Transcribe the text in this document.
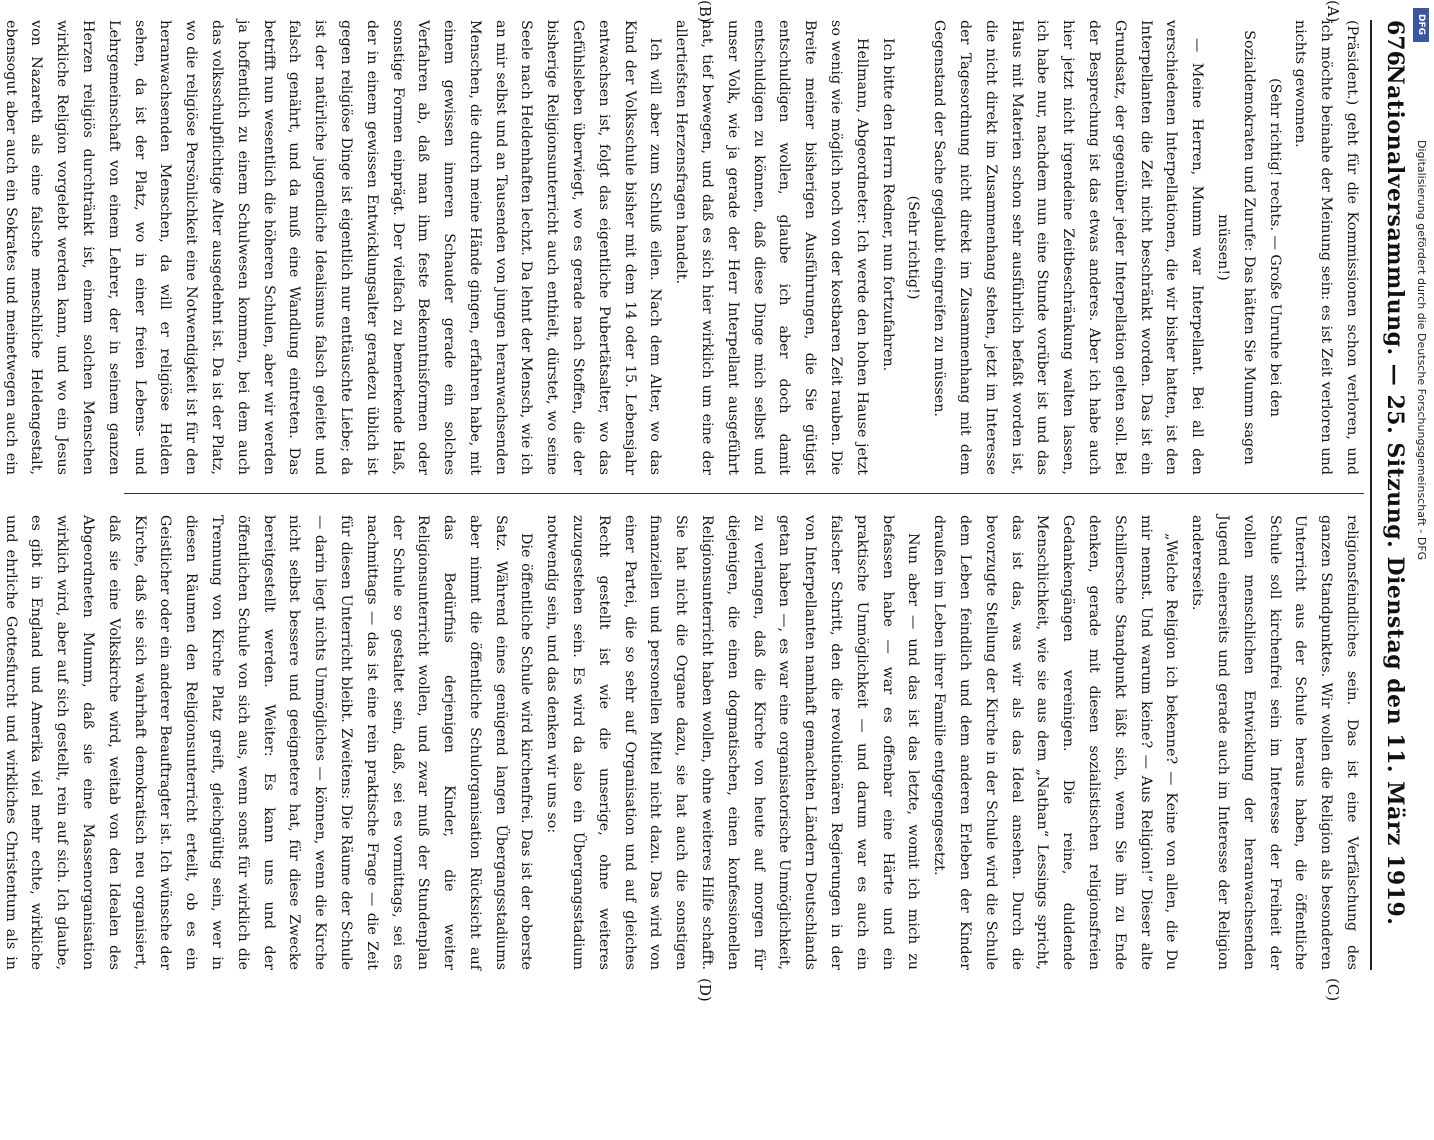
676
Nationalversammlung. — 25. Sitzung. Dienstag den 11. März 1919.
(A)
(B)
(C)
(D)

(Präsident.) geht für die Kommissionen schon verloren, und ich möchte beinahe der Meinung sein: es ist Zeit verloren und nichts gewonnen.

(Sehr richtig! rechts. — Große Unruhe bei den Sozialdemokraten und Zurufe: Das hätten Sie Mumm sagen müssen!)

— Meine Herren, Mumm war Interpellant. Bei all den verschiedenen Interpellationen, die wir bisher hatten, ist den Interpellanten die Zeit nicht beschränkt worden. Das ist ein Grundsatz, der gegenüber jeder Interpellation gelten soll. Bei der Besprechung ist das etwas anderes. Aber ich habe auch hier jetzt nicht irgendeine Zeitbeschränkung walten lassen, ich habe nur, nachdem nun eine Stunde vorüber ist und das Haus mit Materien schon sehr ausführlich befaßt worden ist, die nicht direkt im Zusammenhang stehen, jetzt im Interesse der Tagesordnung nicht direkt im Zusammenhang mit dem Gegenstand der Sache geglaubt eingreifen zu müssen.

(Sehr richtig!)

Ich bitte den Herrn Redner, nun fortzufahren.

Hellmann, Abgeordneter: Ich werde den hohen Hause jetzt so wenig wie möglich noch von der kostbaren Zeit rauben. Die Breite meiner bisherigen Ausführungen, die Sie gütigst entschuldigen wollen, glaube ich aber doch damit entschuldigen zu können, daß diese Dinge mich selbst und unser Volk, wie ja gerade der Herr Interpellant ausgeführt hat, tief bewegen, und daß es sich hier wirklich um eine der allertiefsten Herzensfragen handelt.

Ich will aber zum Schluß eilen. Nach dem Alter, wo das Kind der Volksschule bisher mit dem 14 oder 15. Lebensjahr entwachsen ist, folgt das eigentliche Pubertätsalter, wo das Gefühlsleben überwiegt, wo es gerade nach Stoffen, die der bisherige Religionsunterricht auch enthielt, dürstet, wo seine Seele nach Heldenhaften lechzt. Da lehnt der Mensch, wie ich an mir selbst und an Tausenden von jungen heranwachsenden Menschen, die durch meine Hände gingen, erfahren habe, mit einem gewissen inneren Schauder gerade ein solches Verfahren ab, daß man ihm feste Bekenntnisformen oder sonstige Formen einprägt. Der vielfach zu bemerkende Haß, der in einem gewissen Entwicklungsalter geradezu üblich ist gegen religiöse Dinge ist eigentlich nur enttäuschte Liebe; da ist der natürliche jugendliche Idealismus falsch geleitet und falsch genährt, und da muß eine Wandlung eintreten. Das betrifft nun wesentlich die höheren Schulen, aber wir werden ja hoffentlich zu einem Schulwesen kommen, bei dem auch das volksschulpflichtige Alter ausgedehnt ist. Da ist der Platz, wo die religiöse Persönlichkeit eine Notwendigkeit ist für den heranwachsenden Menschen, da will er religiöse Helden sehen, da ist der Platz, wo in einer freien Lebens- und Lehrgemeinschaft von einem Lehrer, der in seinem ganzen Herzen religiös durchtränkt ist, einem solchen Menschen wirkliche Religion vorgelebt werden kann, und wo ein Jesus von Nazareth als eine falsche menschliche Heldengestalt, ebensogut aber auch ein Sokrates und meinetwegen auch ein

religionsfeindliches sein. Das ist eine Verfälschung des ganzen Standpunktes. Wir wollen die Religion als besonderen Unterricht aus der Schule heraus haben, die öffentliche Schule soll kirchenfrei sein im Interesse der Freiheit der vollen menschlichen Entwicklung der heranwachsenden Jugend einerseits und gerade auch im Interesse der Religion andererseits.

„Welche Religion ich bekenne? — Keine von allen, die Du mir nennst. Und warum keine? — Aus Religion!“ Dieser alte Schillersche Standpunkt läßt sich, wenn Sie ihn zu Ende denken, gerade mit diesen sozialistischen religionsfreien Gedankengängen vereinigen. Die reine, duldende Menschlichkeit, wie sie aus dem „Nathan“ Lessings spricht, das ist das, was wir als das Ideal ansehen. Durch die bevorzugte Stellung der Kirche in der Schule wird die Schule dem Leben feindlich und dem anderen Erleben der Kinder draußen im Leben ihrer Familie entgegengesetzt.

Nun aber — und das ist das letzte, womit ich mich zu befassen habe — war es offenbar eine Härte und ein praktische Unmöglichkeit — und darum war es auch ein falscher Schritt, den die revolutionären Regierungen in der von Interpellanten namhaft gemachten Ländern Deutschlands getan haben —, es war eine organisatorische Unmöglichkeit, zu verlangen, daß die Kirche von heute auf morgen für diejenigen, die einen dogmatischen, einen konfessionellen Religionsunterricht haben wollen, ohne weiteres Hilfe schafft. Sie hat nicht die Organe dazu, sie hat auch die sonstigen finanziellen und personellen Mittel nicht dazu. Das wird von einer Partei, die so sehr auf Organisation und auf gleiches Recht gestellt ist wie die unserige, ohne weiteres zuzugestehen sein. Es wird da also ein Übergangsstadium notwendig sein, und das denken wir uns so:

Die öffentliche Schule wird kirchenfrei. Das ist der oberste Satz. Während eines genügend langen Übergangsstadiums aber nimmt die öffentliche Schulorganisation Rücksicht auf das Bedürfnis derjenigen Kinder, die weiter Religionsunterricht wollen, und zwar muß der Stundenplan der Schule so gestaltet sein, daß, sei es vormittags, sei es nachmittags — das ist eine rein praktische Frage — die Zeit für diesen Unterricht bleibt. Zweitens: Die Räume der Schule — darin liegt nichts Unmögliches — können, wenn die Kirche nicht selbst bessere und geeignetere hat, für diese Zwecke bereitgestellt werden. Weiter: Es kann uns und der öffentlichen Schule von sich aus, wenn sonst für wirklich die Trennung von Kirche Platz greift, gleichgültig sein, wer in diesen Räumen den Religionsunterricht erteilt, ob es ein Geistlicher oder ein anderer Beauftragter ist. Ich wünsche der Kirche, daß sie sich wahrhaft demokratisch neu organisiert, daß sie eine Volkskirche wird, weitab von den Idealen des Abgeordneten Mumm, daß sie eine Massenorganisation wirklich wird, aber auf sich gestellt, rein auf sich. Ich glaube, es gibt in England und Amerika viel mehr echte, wirkliche und ehrliche Gottesfurcht und wirkliches Christentum als in

Digitalisierung gefördert durch die Deutsche Forschungsgemeinschaft - DFG
DFG
